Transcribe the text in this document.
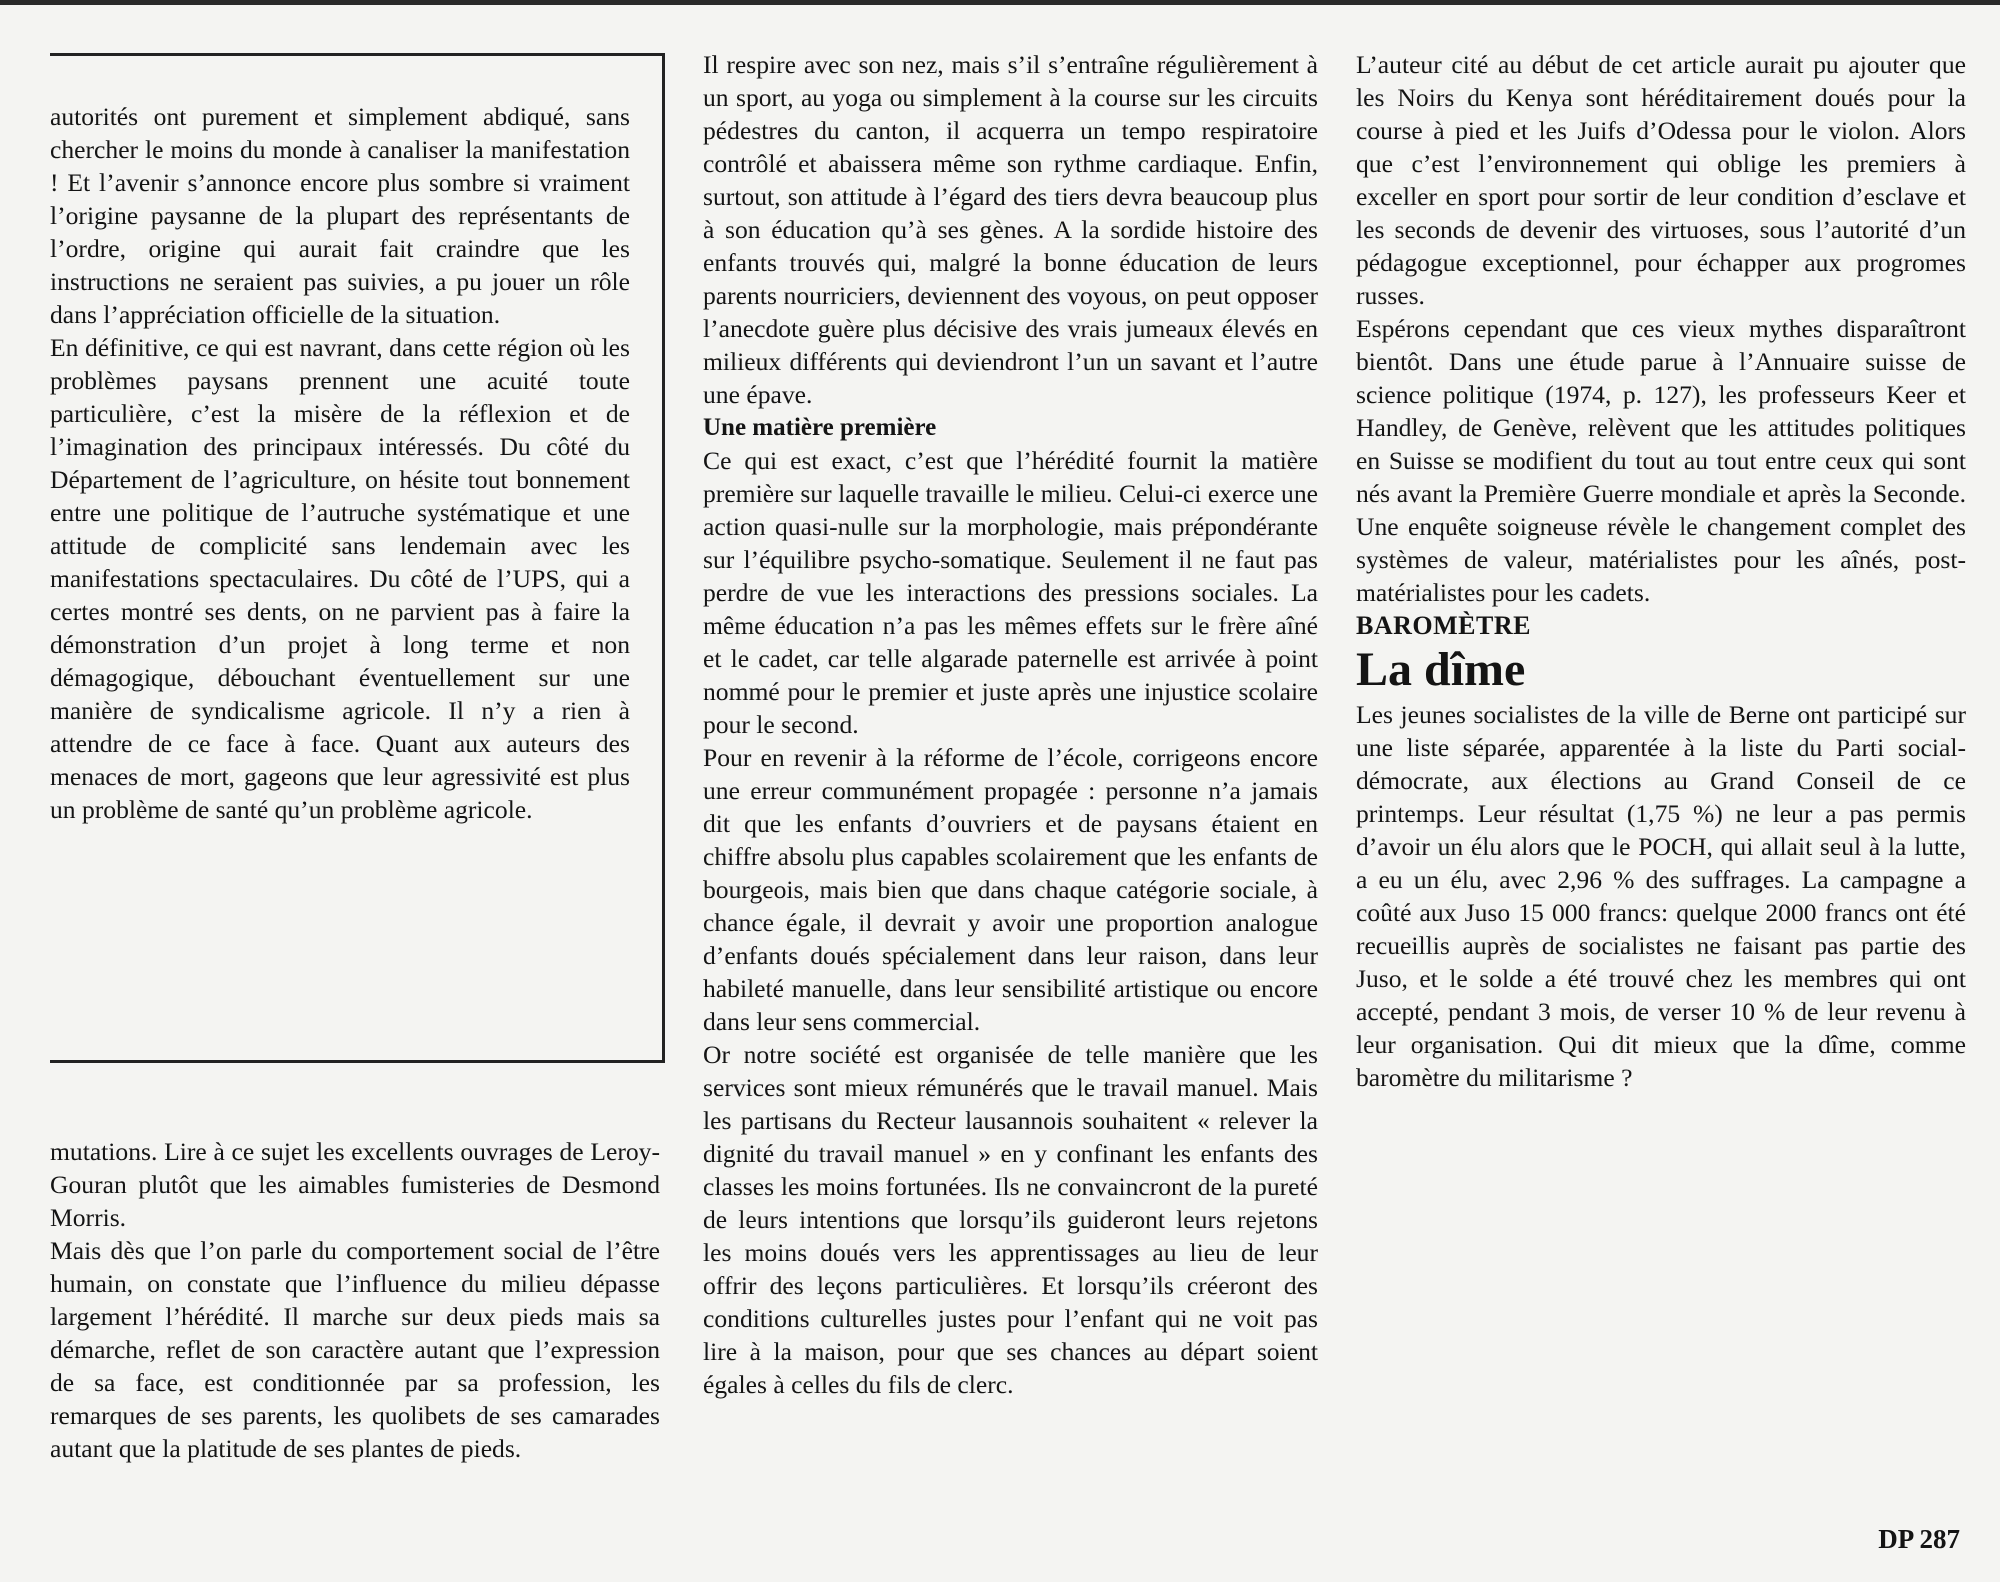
autorités ont purement et simplement abdiqué, sans chercher le moins du monde à canaliser la manifestation ! Et l’avenir s’annonce encore plus sombre si vraiment l’origine paysanne de la plupart des représentants de l’ordre, origine qui aurait fait craindre que les instructions ne seraient pas suivies, a pu jouer un rôle dans l’appréciation officielle de la situation.

En définitive, ce qui est navrant, dans cette région où les problèmes paysans prennent une acuité toute particulière, c’est la misère de la réflexion et de l’imagination des principaux intéressés. Du côté du Département de l’agriculture, on hésite tout bonnement entre une politique de l’autruche systématique et une attitude de complicité sans lendemain avec les manifestations spectaculaires. Du côté de l’UPS, qui a certes montré ses dents, on ne parvient pas à faire la démonstration d’un projet à long terme et non démagogique, débouchant éventuellement sur une manière de syndicalisme agricole. Il n’y a rien à attendre de ce face à face. Quant aux auteurs des menaces de mort, gageons que leur agressivité est plus un problème de santé qu’un problème agricole.

mutations. Lire à ce sujet les excellents ouvrages de Leroy-Gouran plutôt que les aimables fumisteries de Desmond Morris.

Mais dès que l’on parle du comportement social de l’être humain, on constate que l’influence du milieu dépasse largement l’hérédité. Il marche sur deux pieds mais sa démarche, reflet de son caractère autant que l’expression de sa face, est conditionnée par sa profession, les remarques de ses parents, les quolibets de ses camarades autant que la platitude de ses plantes de pieds.

Il respire avec son nez, mais s’il s’entraîne régulièrement à un sport, au yoga ou simplement à la course sur les circuits pédestres du canton, il acquerra un tempo respiratoire contrôlé et abaissera même son rythme cardiaque. Enfin, surtout, son attitude à l’égard des tiers devra beaucoup plus à son éducation qu’à ses gènes. A la sordide histoire des enfants trouvés qui, malgré la bonne éducation de leurs parents nourriciers, deviennent des voyous, on peut opposer l’anecdote guère plus décisive des vrais jumeaux élevés en milieux différents qui deviendront l’un un savant et l’autre une épave.

Une matière première

Ce qui est exact, c’est que l’hérédité fournit la matière première sur laquelle travaille le milieu. Celui-ci exerce une action quasi-nulle sur la morphologie, mais prépondérante sur l’équilibre psycho-somatique. Seulement il ne faut pas perdre de vue les interactions des pressions sociales. La même éducation n’a pas les mêmes effets sur le frère aîné et le cadet, car telle algarade paternelle est arrivée à point nommé pour le premier et juste après une injustice scolaire pour le second.

Pour en revenir à la réforme de l’école, corrigeons encore une erreur communément propagée : personne n’a jamais dit que les enfants d’ouvriers et de paysans étaient en chiffre absolu plus capables scolairement que les enfants de bourgeois, mais bien que dans chaque catégorie sociale, à chance égale, il devrait y avoir une proportion analogue d’enfants doués spécialement dans leur raison, dans leur habileté manuelle, dans leur sensibilité artistique ou encore dans leur sens commercial.

Or notre société est organisée de telle manière que les services sont mieux rémunérés que le travail manuel. Mais les partisans du Recteur lausannois souhaitent « relever la dignité du travail manuel » en y confinant les enfants des classes les moins fortunées. Ils ne convaincront de la pureté de leurs intentions que lorsqu’ils guideront leurs rejetons les moins doués vers les apprentissages au lieu de leur offrir des leçons particulières. Et lorsqu’ils créeront des conditions culturelles justes pour l’enfant qui ne voit pas lire à la maison, pour que ses chances au départ soient égales à celles du fils de clerc.

L’auteur cité au début de cet article aurait pu ajouter que les Noirs du Kenya sont héréditairement doués pour la course à pied et les Juifs d’Odessa pour le violon. Alors que c’est l’environnement qui oblige les premiers à exceller en sport pour sortir de leur condition d’esclave et les seconds de devenir des virtuoses, sous l’autorité d’un pédagogue exceptionnel, pour échapper aux progromes russes.

Espérons cependant que ces vieux mythes disparaîtront bientôt. Dans une étude parue à l’Annuaire suisse de science politique (1974, p. 127), les professeurs Keer et Handley, de Genève, relèvent que les attitudes politiques en Suisse se modifient du tout au tout entre ceux qui sont nés avant la Première Guerre mondiale et après la Seconde. Une enquête soigneuse révèle le changement complet des systèmes de valeur, matérialistes pour les aînés, post-matérialistes pour les cadets.

BAROMÈTRE

La dîme

Les jeunes socialistes de la ville de Berne ont participé sur une liste séparée, apparentée à la liste du Parti social-démocrate, aux élections au Grand Conseil de ce printemps. Leur résultat (1,75 %) ne leur a pas permis d’avoir un élu alors que le POCH, qui allait seul à la lutte, a eu un élu, avec 2,96 % des suffrages. La campagne a coûté aux Juso 15 000 francs: quelque 2000 francs ont été recueillis auprès de socialistes ne faisant pas partie des Juso, et le solde a été trouvé chez les membres qui ont accepté, pendant 3 mois, de verser 10 % de leur revenu à leur organisation. Qui dit mieux que la dîme, comme baromètre du militarisme ?

DP 287
